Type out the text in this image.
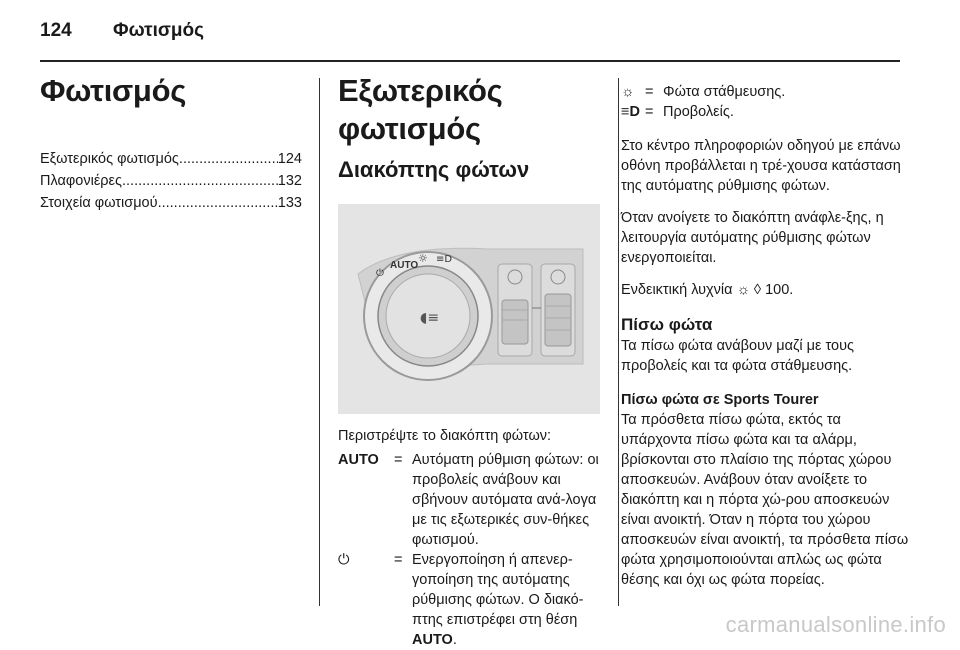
124 Φωτισμός
Φωτισμός
Εξωτερικός φωτισμός .....	124
Πλαφονιέρες .....	132
Στοιχεία φωτισμού .....	133
Εξωτερικός φωτισμός
Διακόπτης φώτων
⏻
AUTO
☼ ≡D
◖≡

Περιστρέψτε το διακόπτη φώτων:

AUTO	= Αυτόματη ρύθμιση φώτων: οι προβολείς ανάβουν και σβήνουν αυτόματα ανά-λογα με τις εξωτερικές συν-θήκες φωτισμού.
⏻	= Ενεργοποίηση ή απενερ-γοποίηση της αυτόματης ρύθμισης φώτων. Ο διακό-πτης επιστρέφει στη θέση AUTO.
☼ = Φώτα στάθμευσης.
≡D = Προβολείς.

Στο κέντρο πληροφοριών οδηγού με επάνω οθόνη προβάλλεται η τρέ-χουσα κατάσταση της αυτόματης ρύθμισης φώτων.

Όταν ανοίγετε το διακόπτη ανάφλε-ξης, η λειτουργία αυτόματης ρύθμισης φώτων ενεργοποιείται.

Ενδεικτική λυχνία ☼ ◊ 100.

Πίσω φώτα

Τα πίσω φώτα ανάβουν μαζί με τους προβολείς και τα φώτα στάθμευσης.

Πίσω φώτα σε Sports Tourer

Τα πρόσθετα πίσω φώτα, εκτός τα υπάρχοντα πίσω φώτα και τα αλάρμ, βρίσκονται στο πλαίσιο της πόρτας χώρου αποσκευών. Ανάβουν όταν ανοίξετε το διακόπτη και η πόρτα χώ-ρου αποσκευών είναι ανοικτή. Όταν η πόρτα του χώρου αποσκευών είναι ανοικτή, τα πρόσθετα πίσω φώτα χρησιμοποιούνται απλώς ως φώτα θέσης και όχι ως φώτα πορείας.

carmanualsonline.info
